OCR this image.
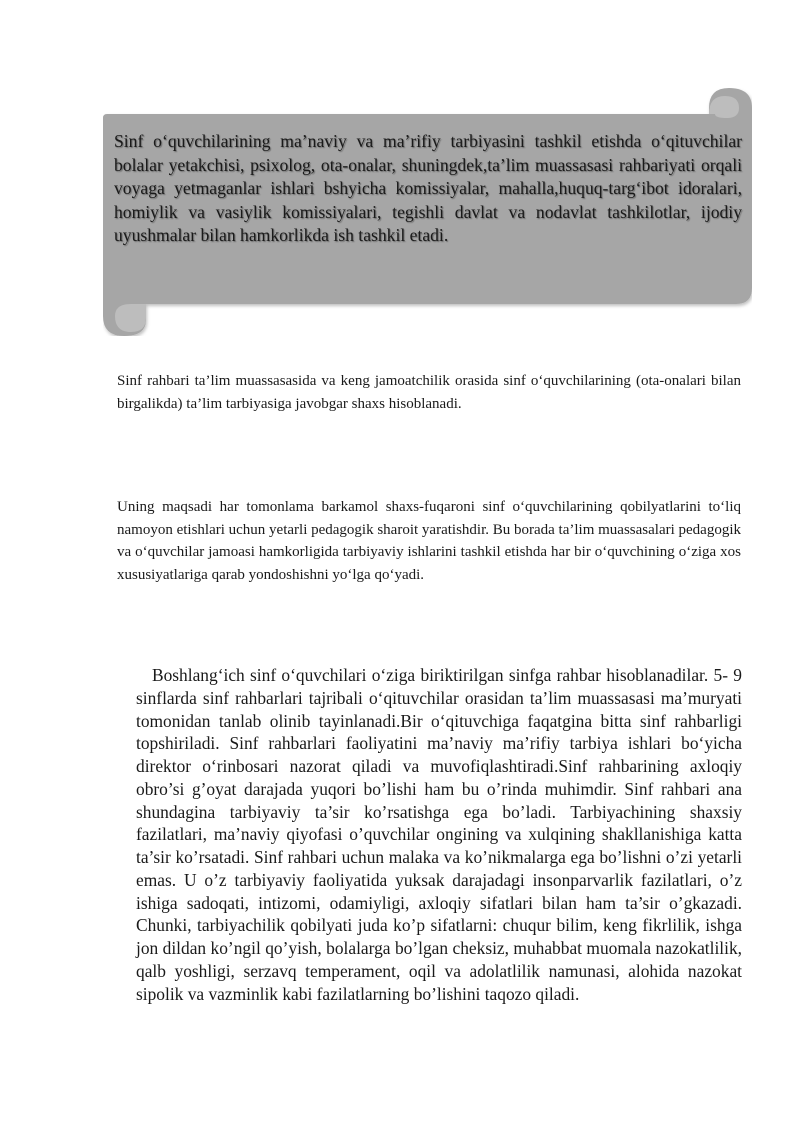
Sinf o‘quvchilarining ma’naviy va ma’rifiy tarbiyasini tashkil etishda o‘qituvchilar bolalar yetakchisi, psixolog, ota-onalar, shuningdek,ta’lim muassasasi rahbariyati orqali voyaga yetmaganlar ishlari bshyicha komissiyalar, mahalla,huquq-targ‘ibot idoralari, homiylik va vasiylik komissiyalari, tegishli davlat va nodavlat tashkilotlar, ijodiy uyushmalar bilan hamkorlikda ish tashkil etadi.

Sinf rahbari ta’lim muassasasida va keng jamoatchilik orasida sinf o‘quvchilarining (ota-onalari bilan birgalikda) ta’lim tarbiyasiga javobgar shaxs hisoblanadi.

Uning maqsadi har tomonlama barkamol shaxs-fuqaroni sinf o‘quvchilarining qobilyatlarini to‘liq namoyon etishlari uchun yetarli pedagogik sharoit yaratishdir. Bu borada ta’lim muassasalari pedagogik va o‘quvchilar jamoasi hamkorligida tarbiyaviy ishlarini tashkil etishda har bir o‘quvchining o‘ziga xos xususiyatlariga qarab yondoshishni yo‘lga qo‘yadi.

Boshlang‘ich sinf o‘quvchilari o‘ziga biriktirilgan sinfga rahbar hisoblanadilar. 5- 9 sinflarda sinf rahbarlari tajribali o‘qituvchilar orasidan ta’lim muassasasi ma’muryati tomonidan tanlab olinib tayinlanadi.Bir o‘qituvchiga faqatgina bitta sinf rahbarligi topshiriladi. Sinf rahbarlari faoliyatini ma’naviy ma’rifiy tarbiya ishlari bo‘yicha direktor o‘rinbosari nazorat qiladi va muvofiqlashtiradi.Sinf rahbarining axloqiy obro’si g’oyat darajada yuqori bo’lishi ham bu o’rinda muhimdir. Sinf rahbari ana shundagina tarbiyaviy ta’sir ko’rsatishga ega bo’ladi. Tarbiyachining shaxsiy fazilatlari, ma’naviy qiyofasi o’quvchilar ongining va xulqining shakllanishiga katta ta’sir ko’rsatadi. Sinf rahbari uchun malaka va ko’nikmalarga ega bo’lishni o’zi yetarli emas. U o’z tarbiyaviy faoliyatida yuksak darajadagi insonparvarlik fazilatlari, o’z ishiga sadoqati, intizomi, odamiyligi, axloqiy sifatlari bilan ham ta’sir o’gkazadi. Chunki, tarbiyachilik qobilyati juda ko’p sifatlarni: chuqur bilim, keng fikrlilik, ishga jon dildan ko’ngil qo’yish, bolalarga bo’lgan cheksiz, muhabbat muomala nazokatlilik, qalb yoshligi, serzavq temperament, oqil va adolatlilik namunasi, alohida nazokat sipolik va vazminlik kabi fazilatlarning bo’lishini taqozo qiladi.
